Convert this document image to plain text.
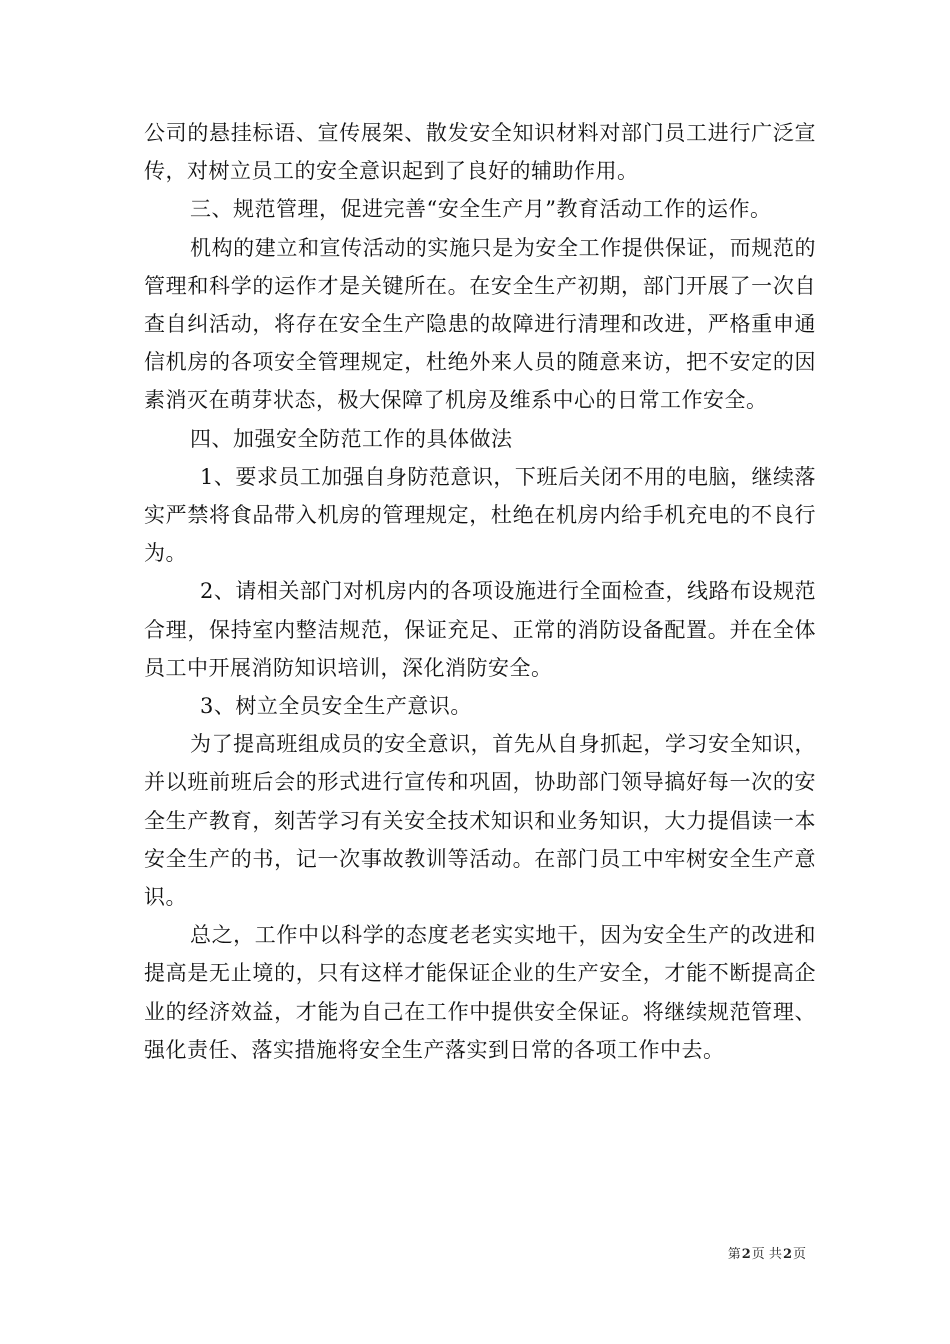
公司的悬挂标语、宣传展架、散发安全知识材料对部门员工进行广泛宣传，对树立员工的安全意识起到了良好的辅助作用。

三、规范管理，促进完善“安全生产月”教育活动工作的运作。

机构的建立和宣传活动的实施只是为安全工作提供保证，而规范的管理和科学的运作才是关键所在。在安全生产初期，部门开展了一次自查自纠活动，将存在安全生产隐患的故障进行清理和改进，严格重申通信机房的各项安全管理规定，杜绝外来人员的随意来访，把不安定的因素消灭在萌芽状态，极大保障了机房及维系中心的日常工作安全。

四、加强安全防范工作的具体做法

1、要求员工加强自身防范意识，下班后关闭不用的电脑，继续落实严禁将食品带入机房的管理规定，杜绝在机房内给手机充电的不良行为。

2、请相关部门对机房内的各项设施进行全面检查，线路布设规范合理，保持室内整洁规范，保证充足、正常的消防设备配置。并在全体员工中开展消防知识培训，深化消防安全。

3、树立全员安全生产意识。

为了提高班组成员的安全意识，首先从自身抓起，学习安全知识，并以班前班后会的形式进行宣传和巩固，协助部门领导搞好每一次的安全生产教育，刻苦学习有关安全技术知识和业务知识，大力提倡读一本安全生产的书，记一次事故教训等活动。在部门员工中牢树安全生产意识。

总之，工作中以科学的态度老老实实地干，因为安全生产的改进和提高是无止境的，只有这样才能保证企业的生产安全，才能不断提高企业的经济效益，才能为自己在工作中提供安全保证。将继续规范管理、强化责任、落实措施将安全生产落实到日常的各项工作中去。

第2页 共2页
